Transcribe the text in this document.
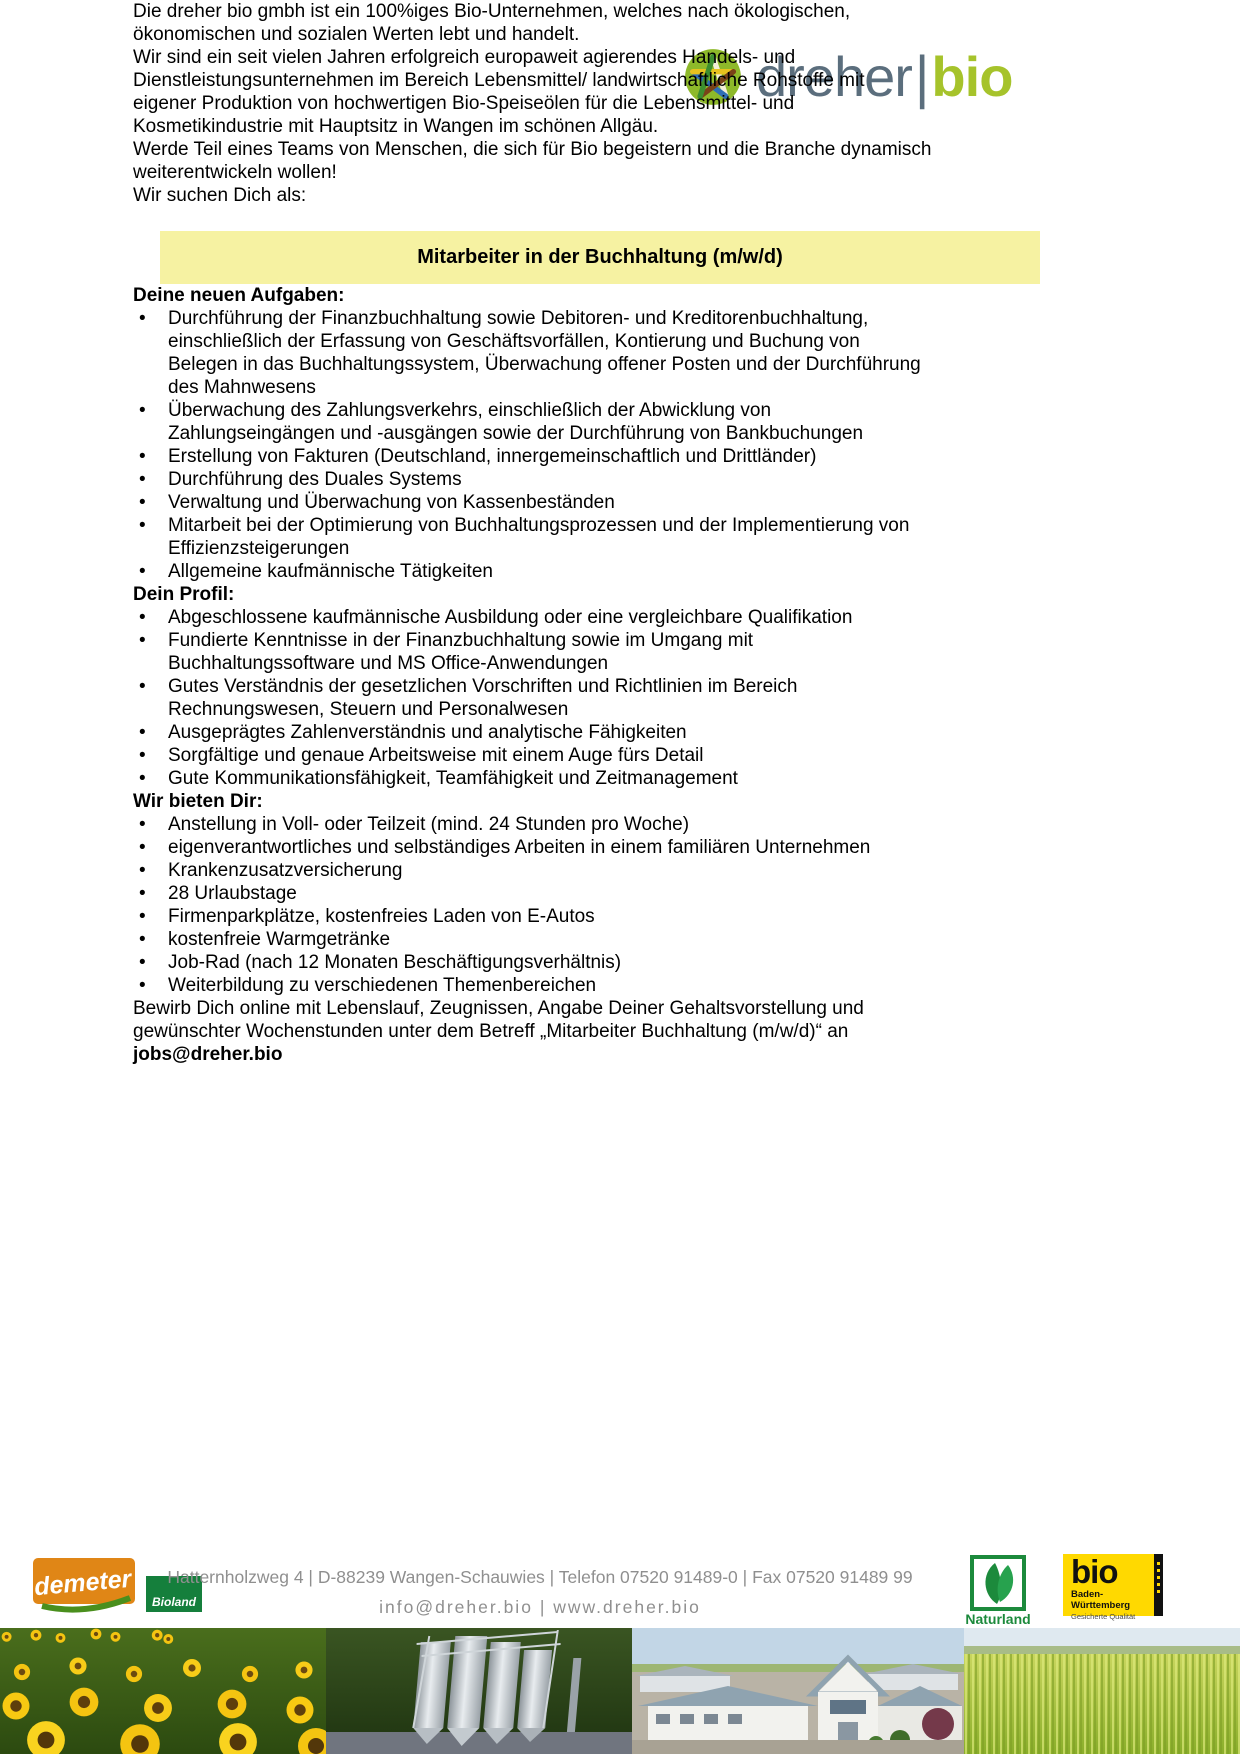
dreher | bio

Die dreher bio gmbh ist ein 100%iges Bio-Unternehmen, welches nach ökologischen, ökonomischen und sozialen Werten lebt und handelt.

Wir sind ein seit vielen Jahren erfolgreich europaweit agierendes Handels- und Dienstleistungsunternehmen im Bereich Lebensmittel/ landwirtschaftliche Rohstoffe mit eigener Produktion von hochwertigen Bio-Speiseölen für die Lebensmittel- und Kosmetikindustrie mit Hauptsitz in Wangen im schönen Allgäu.

Werde Teil eines Teams von Menschen, die sich für Bio begeistern und die Branche dynamisch weiterentwickeln wollen!

Wir suchen Dich als:

Mitarbeiter in der Buchhaltung (m/w/d)
Deine neuen Aufgaben:
• Durchführung der Finanzbuchhaltung sowie Debitoren- und Kreditorenbuchhaltung, einschließlich der Erfassung von Geschäftsvorfällen, Kontierung und Buchung von Belegen in das Buchhaltungssystem, Überwachung offener Posten und der Durchführung des Mahnwesens
• Überwachung des Zahlungsverkehrs, einschließlich der Abwicklung von Zahlungseingängen und -ausgängen sowie der Durchführung von Bankbuchungen
• Erstellung von Fakturen (Deutschland, innergemeinschaftlich und Drittländer)
• Durchführung des Duales Systems
• Verwaltung und Überwachung von Kassenbeständen
• Mitarbeit bei der Optimierung von Buchhaltungsprozessen und der Implementierung von Effizienzsteigerungen
• Allgemeine kaufmännische Tätigkeiten
Dein Profil:
• Abgeschlossene kaufmännische Ausbildung oder eine vergleichbare Qualifikation
• Fundierte Kenntnisse in der Finanzbuchhaltung sowie im Umgang mit Buchhaltungssoftware und MS Office-Anwendungen
• Gutes Verständnis der gesetzlichen Vorschriften und Richtlinien im Bereich Rechnungswesen, Steuern und Personalwesen
• Ausgeprägtes Zahlenverständnis und analytische Fähigkeiten
• Sorgfältige und genaue Arbeitsweise mit einem Auge fürs Detail
• Gute Kommunikationsfähigkeit, Teamfähigkeit und Zeitmanagement
Wir bieten Dir:
• Anstellung in Voll- oder Teilzeit (mind. 24 Stunden pro Woche)
• eigenverantwortliches und selbständiges Arbeiten in einem familiären Unternehmen
• Krankenzusatzversicherung
• 28 Urlaubstage
• Firmenparkplätze, kostenfreies Laden von E-Autos
• kostenfreie Warmgetränke
• Job-Rad (nach 12 Monaten Beschäftigungsverhältnis)
• Weiterbildung zu verschiedenen Themenbereichen

Bewirb Dich online mit Lebenslauf, Zeugnissen, Angabe Deiner Gehaltsvorstellung und gewünschter Wochenstunden unter dem Betreff „Mitarbeiter Buchhaltung (m/w/d)“ an
jobs@dreher.bio

demeter
Bioland
Hatternholzweg 4 | D-88239 Wangen-Schauwies | Telefon 07520 91489-0 | Fax 07520 91489 99
info@dreher.bio | www.dreher.bio
Naturland
bio
Baden-Württemberg
Gesicherte Qualität
